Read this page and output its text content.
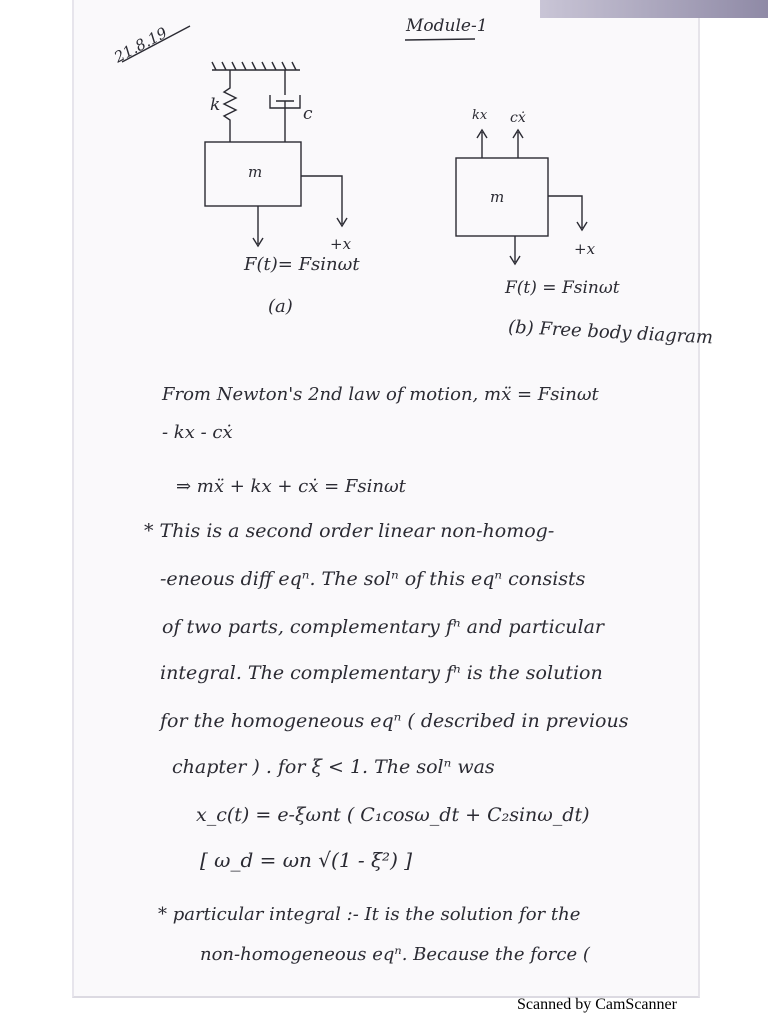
21.8.19	Module-1
k	c
m
+x
F(t)= Fsinωt
(a)
kx cẋ
m
+x
F(t) = Fsinωt
(b) Free body diagram
From Newton's 2nd law of motion, mẍ = Fsinωt
- kx - cẋ
⇒ mẍ + kx + cẋ = Fsinωt
* This is a second order linear non-homog-
-eneous diff eqⁿ. The solⁿ of this eqⁿ consists
of two parts, complementary fⁿ and particular
integral. The complementary fⁿ is the solution
for the homogeneous eqⁿ ( described in previous
chapter ) . for ξ < 1. The solⁿ was
x_c(t) = e-ξωnt ( C₁cosω_dt + C₂sinω_dt)
[ ω_d = ωn √(1 - ξ²) ]
* particular integral :- It is the solution for the
non-homogeneous eqⁿ. Because the force (
Scanned by CamScanner
